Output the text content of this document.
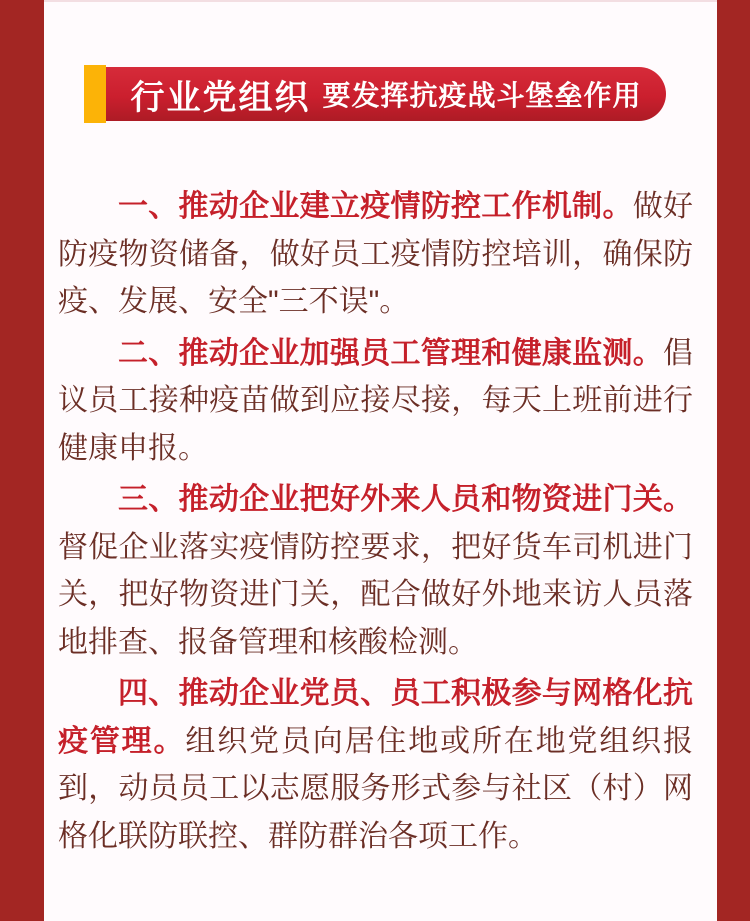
行业党组织 要发挥抗疫战斗堡垒作用

一、推动企业建立疫情防控工作机制。做好防疫物资储备，做好员工疫情防控培训，确保防疫、发展、安全"三不误"。

二、推动企业加强员工管理和健康监测。倡议员工接种疫苗做到应接尽接，每天上班前进行健康申报。

三、推动企业把好外来人员和物资进门关。督促企业落实疫情防控要求，把好货车司机进门关，把好物资进门关，配合做好外地来访人员落地排查、报备管理和核酸检测。

四、推动企业党员、员工积极参与网格化抗疫管理。组织党员向居住地或所在地党组织报到，动员员工以志愿服务形式参与社区（村）网格化联防联控、群防群治各项工作。
